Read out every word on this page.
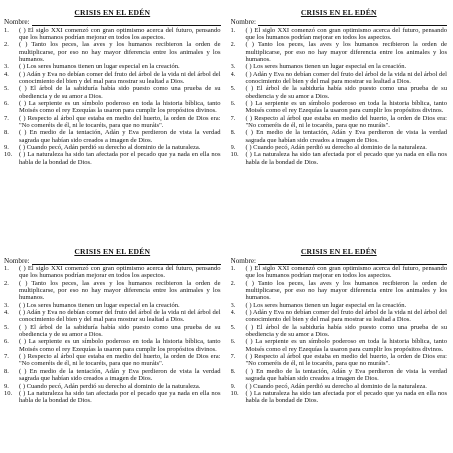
CRISIS EN EL EDÉN
Nombre:
1.	( ) El siglo XXI comenzó con gran optimismo acerca del futuro, pensando que los humanos podrían mejorar en todos los aspectos.
2.	( ) Tanto los peces, las aves y los humanos recibieron la orden de multiplicarse, por eso no hay mayor diferencia entre los animales y los humanos.
3.	( ) Los seres humanos tienen un lugar especial en la creación.
4.	( ) Adán y Eva no debían comer del fruto del árbol de la vida ni del árbol del conocimiento del bien y del mal para mostrar su lealtad a Dios.
5.	( ) El árbol de la sabiduría había sido puesto como una prueba de su obediencia y de su amor a Dios.
6.	( ) La serpiente es un símbolo poderoso en toda la historia bíblica, tanto Moisés como el rey Ezequías la usaron para cumplir los propósitos divinos.
7.	( ) Respecto al árbol que estaba en medio del huerto, la orden de Dios era: "No comeréis de él, ni le tocaréis, para que no muráis".
8.	( ) En medio de la tentación, Adán y Eva perdieron de vista la verdad sagrada que habían sido creados a imagen de Dios.
9.	( ) Cuando pecó, Adán perdió su derecho al dominio de la naturaleza.
10.	( ) La naturaleza ha sido tan afectada por el pecado que ya nada en ella nos habla de la bondad de Dios.
CRISIS EN EL EDÉN
Nombre:
1.	( ) El siglo XXI comenzó con gran optimismo acerca del futuro, pensando que los humanos podrían mejorar en todos los aspectos.
2.	( ) Tanto los peces, las aves y los humanos recibieron la orden de multiplicarse, por eso no hay mayor diferencia entre los animales y los humanos.
3.	( ) Los seres humanos tienen un lugar especial en la creación.
4.	( ) Adán y Eva no debían comer del fruto del árbol de la vida ni del árbol del conocimiento del bien y del mal para mostrar su lealtad a Dios.
5.	( ) El árbol de la sabiduría había sido puesto como una prueba de su obediencia y de su amor a Dios.
6.	( ) La serpiente es un símbolo poderoso en toda la historia bíblica, tanto Moisés como el rey Ezequías la usaron para cumplir los propósitos divinos.
7.	( ) Respecto al árbol que estaba en medio del huerto, la orden de Dios era: "No comeréis de él, ni le tocaréis, para que no muráis".
8.	( ) En medio de la tentación, Adán y Eva perdieron de vista la verdad sagrada que habían sido creados a imagen de Dios.
9.	( ) Cuando pecó, Adán perdió su derecho al dominio de la naturaleza.
10.	( ) La naturaleza ha sido tan afectada por el pecado que ya nada en ella nos habla de la bondad de Dios.
CRISIS EN EL EDÉN
Nombre:
1.	( ) El siglo XXI comenzó con gran optimismo acerca del futuro, pensando que los humanos podrían mejorar en todos los aspectos.
2.	( ) Tanto los peces, las aves y los humanos recibieron la orden de multiplicarse, por eso no hay mayor diferencia entre los animales y los humanos.
3.	( ) Los seres humanos tienen un lugar especial en la creación.
4.	( ) Adán y Eva no debían comer del fruto del árbol de la vida ni del árbol del conocimiento del bien y del mal para mostrar su lealtad a Dios.
5.	( ) El árbol de la sabiduría había sido puesto como una prueba de su obediencia y de su amor a Dios.
6.	( ) La serpiente es un símbolo poderoso en toda la historia bíblica, tanto Moisés como el rey Ezequías la usaron para cumplir los propósitos divinos.
7.	( ) Respecto al árbol que estaba en medio del huerto, la orden de Dios era: "No comeréis de él, ni le tocaréis, para que no muráis".
8.	( ) En medio de la tentación, Adán y Eva perdieron de vista la verdad sagrada que habían sido creados a imagen de Dios.
9.	( ) Cuando pecó, Adán perdió su derecho al dominio de la naturaleza.
10.	( ) La naturaleza ha sido tan afectada por el pecado que ya nada en ella nos habla de la bondad de Dios.
CRISIS EN EL EDÉN
Nombre:
1.	( ) El siglo XXI comenzó con gran optimismo acerca del futuro, pensando que los humanos podrían mejorar en todos los aspectos.
2.	( ) Tanto los peces, las aves y los humanos recibieron la orden de multiplicarse, por eso no hay mayor diferencia entre los animales y los humanos.
3.	( ) Los seres humanos tienen un lugar especial en la creación.
4.	( ) Adán y Eva no debían comer del fruto del árbol de la vida ni del árbol del conocimiento del bien y del mal para mostrar su lealtad a Dios.
5.	( ) El árbol de la sabiduría había sido puesto como una prueba de su obediencia y de su amor a Dios.
6.	( ) La serpiente es un símbolo poderoso en toda la historia bíblica, tanto Moisés como el rey Ezequías la usaron para cumplir los propósitos divinos.
7.	( ) Respecto al árbol que estaba en medio del huerto, la orden de Dios era: "No comeréis de él, ni le tocaréis, para que no muráis".
8.	( ) En medio de la tentación, Adán y Eva perdieron de vista la verdad sagrada que habían sido creados a imagen de Dios.
9.	( ) Cuando pecó, Adán perdió su derecho al dominio de la naturaleza.
10.	( ) La naturaleza ha sido tan afectada por el pecado que ya nada en ella nos habla de la bondad de Dios.
